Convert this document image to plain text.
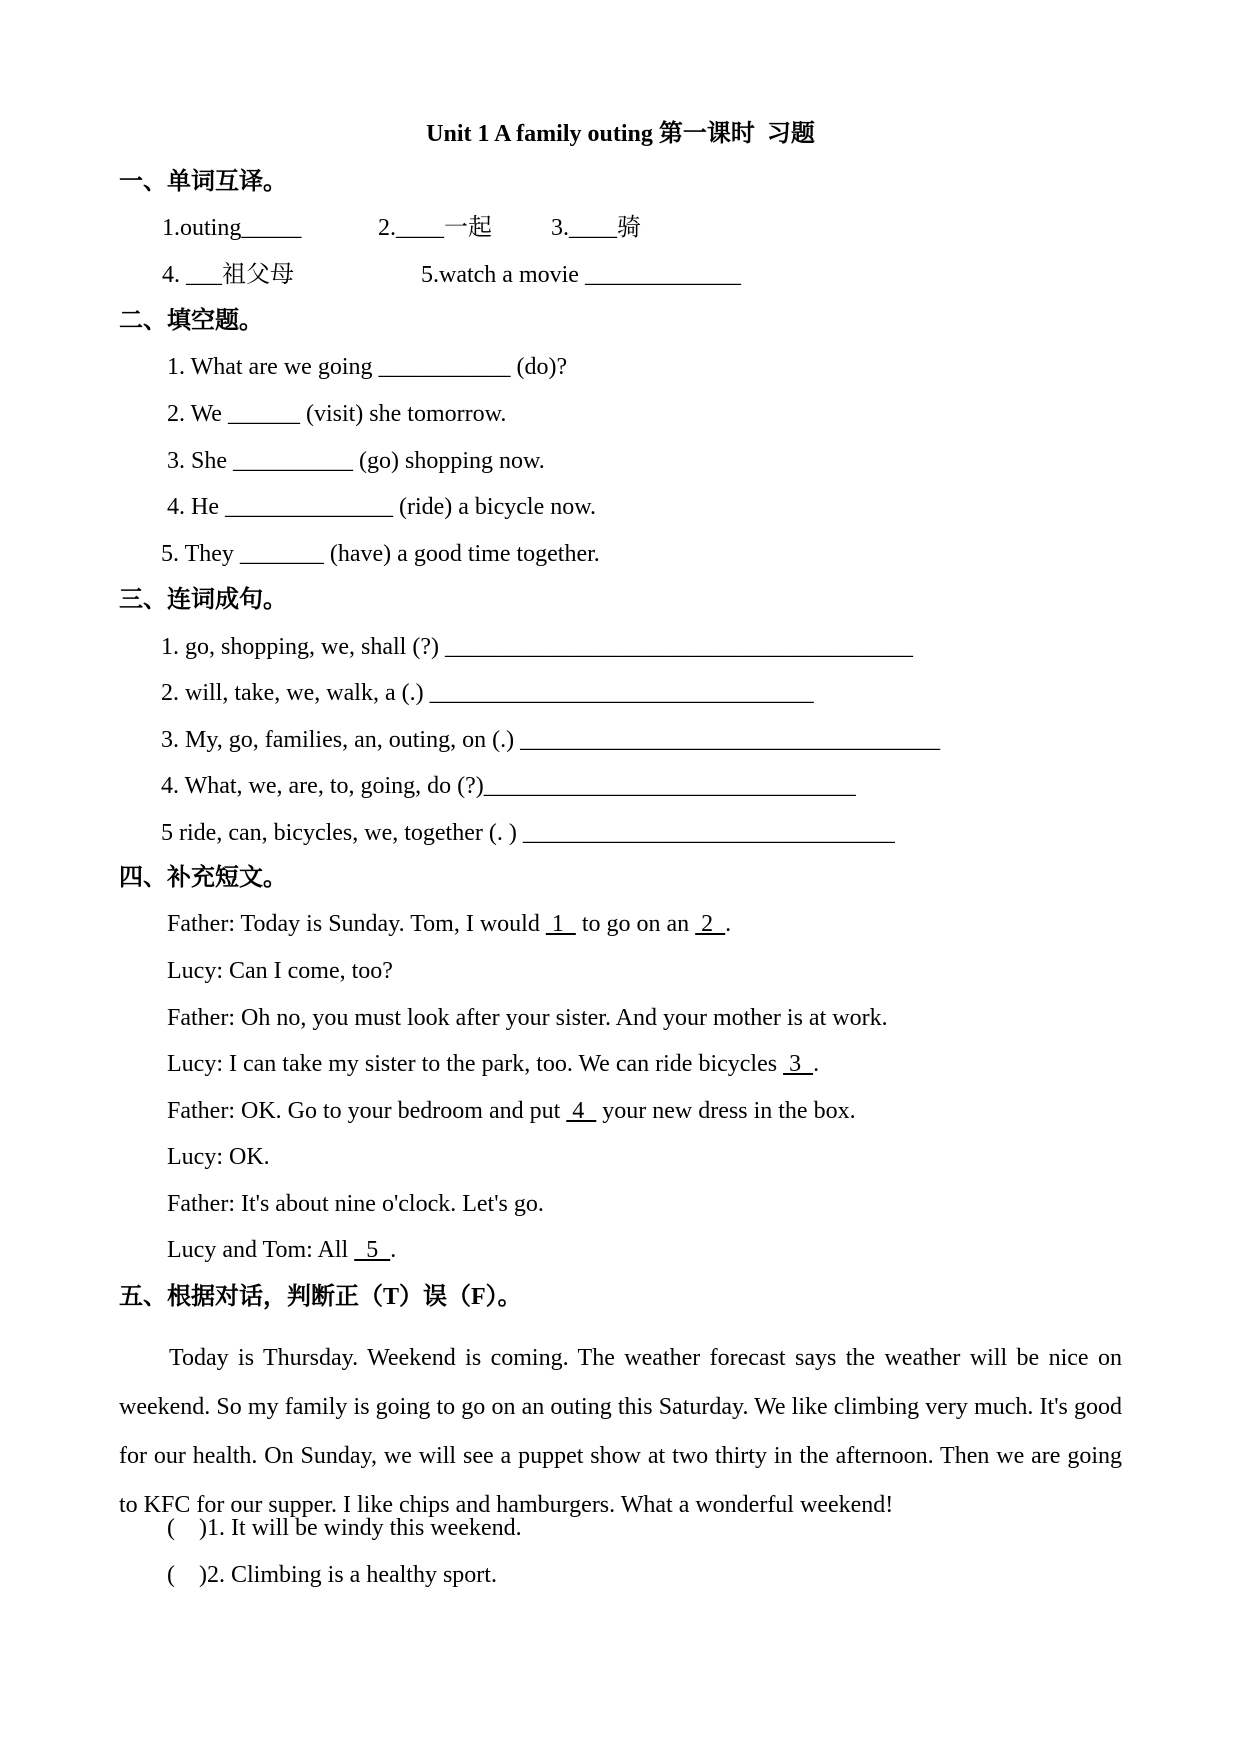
Unit 1 A family outing 第一课时  习题
一、单词互译。
1.outing_____	2.____一起 3.____骑
4. ___祖父母	5.watch a movie _____________
二、填空题。
1. What are we going ___________ (do)?
2. We ______ (visit) she tomorrow.
3. She __________ (go) shopping now.
4. He ______________ (ride) a bicycle now.
5. They _______ (have) a good time together.
三、连词成句。
1. go, shopping, we, shall (?) _______________________________________
2. will, take, we, walk, a (.) ________________________________
3. My, go, families, an, outing, on (.) ___________________________________
4. What, we, are, to, going, do (?)_______________________________
5 ride, can, bicycles, we, together (. ) _______________________________
四、补充短文。
Father: Today is Sunday. Tom, I would  1   to go on an  2  .
Lucy: Can I come, too?
Father: Oh no, you must look after your sister. And your mother is at work.
Lucy: I can take my sister to the park, too. We can ride bicycles  3  .
Father: OK. Go to your bedroom and put  4   your new dress in the box.
Lucy: OK.
Father: It's about nine o'clock. Let's go.
Lucy and Tom: All   5  .
五、根据对话，判断正（T）误（F）。
Today is Thursday. Weekend is coming. The weather forecast says the weather will be nice on weekend. So my family is going to go on an outing this Saturday. We like climbing very much. It's good for our health. On Sunday, we will see a puppet show at two thirty in the afternoon. Then we are going to KFC for our supper. I like chips and hamburgers. What a wonderful weekend!
(    )1. It will be windy this weekend.
(    )2. Climbing is a healthy sport.
